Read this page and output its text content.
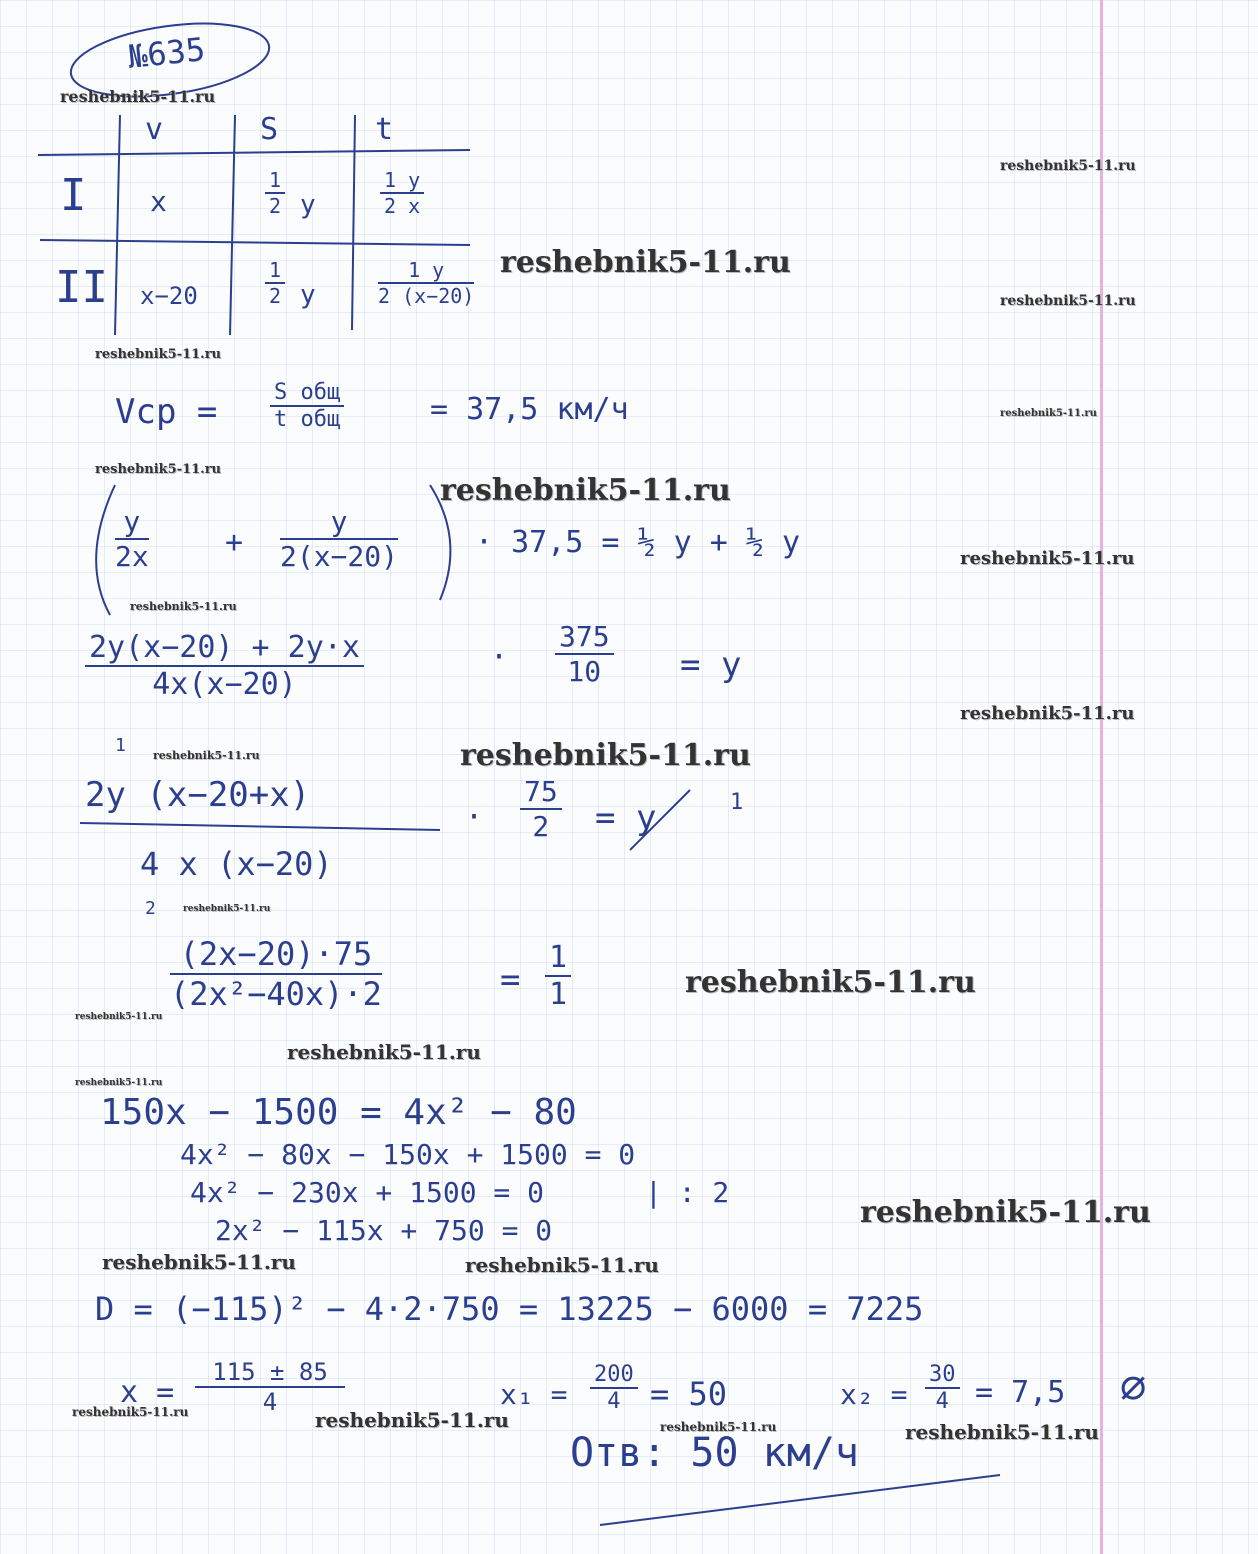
№635
v	S	t
I x	$\frac{1}{2}$ y	$\frac{1 y}{2 x}$
II x−20	$\frac{1}{2}$ y	$\frac{1 y}{2 (x-20)}$
Vср =	S общ
t общ	= 37,5 км/ч
$\frac{y}{2x}$	+ $\frac{y}{2(x-20)}$	· 37,5 = ½ y + ½ y
$\frac{2y(x-20) + 2y\cdot x}{4x(x-20)}$	· $\frac{375}{10} = y$
1
2y (x−20+x)
4 x (x−20)
2
· $\frac{75}{2} = y$	1
$\frac{(2x-20)\cdot 75}{\text{(2x²−40x)·2}}$	= $\frac{1}{1}$
150x − 1500 = 4x² − 80
4x² − 80x − 150x + 1500 = 0
4x² − 230x + 1500 = 0	| : 2
2x² − 115x + 750 = 0
D = (−115)² − 4·2·750 = 13225 − 6000 = 7225
$x = \frac{115 \pm 85}{4}$	$x_1 = \frac{200}{4} = 50$	$x_2 = \frac{30}{4} = 7,5$ ∅
Отв: 50 км/ч
reshebnik5-11.ru
reshebnik5-11.ru
reshebnik5-11.ru
reshebnik5-11.ru
reshebnik5-11.ru
reshebnik5-11.ru
reshebnik5-11.ru
reshebnik5-11.ru
reshebnik5-11.ru
reshebnik5-11.ru
reshebnik5-11.ru
reshebnik5-11.ru	reshebnik5-11.ru
reshebnik5-11.ru
reshebnik5-11.ru
reshebnik5-11.ru
reshebnik5-11.ru
reshebnik5-11.ru
reshebnik5-11.ru
reshebnik5-11.ru	reshebnik5-11.ru
reshebnik5-11.ru	reshebnik5-11.ru	reshebnik5-11.ru	reshebnik5-11.ru
